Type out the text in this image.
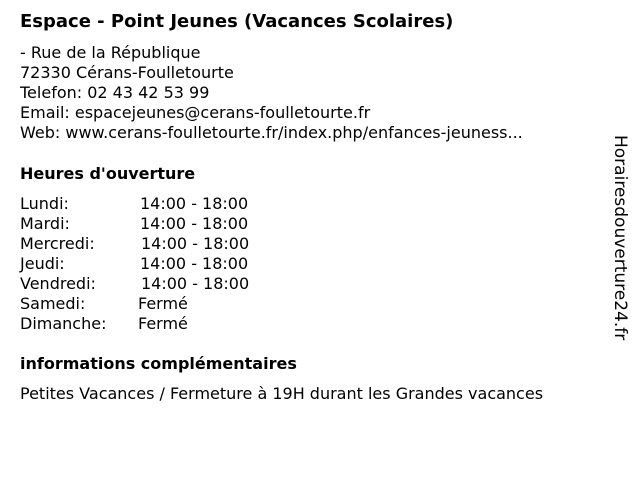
Espace - Point Jeunes (Vacances Scolaires)
- Rue de la République
72330 Cérans-Foulletourte
Telefon: 02 43 42 53 99
Email: espacejeunes@cerans-foulletourte.fr
Web: www.cerans-foulletourte.fr/index.php/enfances-jeuness...
Heures d'ouverture
Lundi:	14:00 - 18:00
Mardi:	14:00 - 18:00
Mercredi:	14:00 - 18:00
Jeudi:	14:00 - 18:00
Vendredi:	14:00 - 18:00
Samedi:	Fermé
Dimanche: Fermé
informations complémentaires
Petites Vacances / Fermeture à 19H durant les Grandes vacances
Horairesdouverture24.fr
